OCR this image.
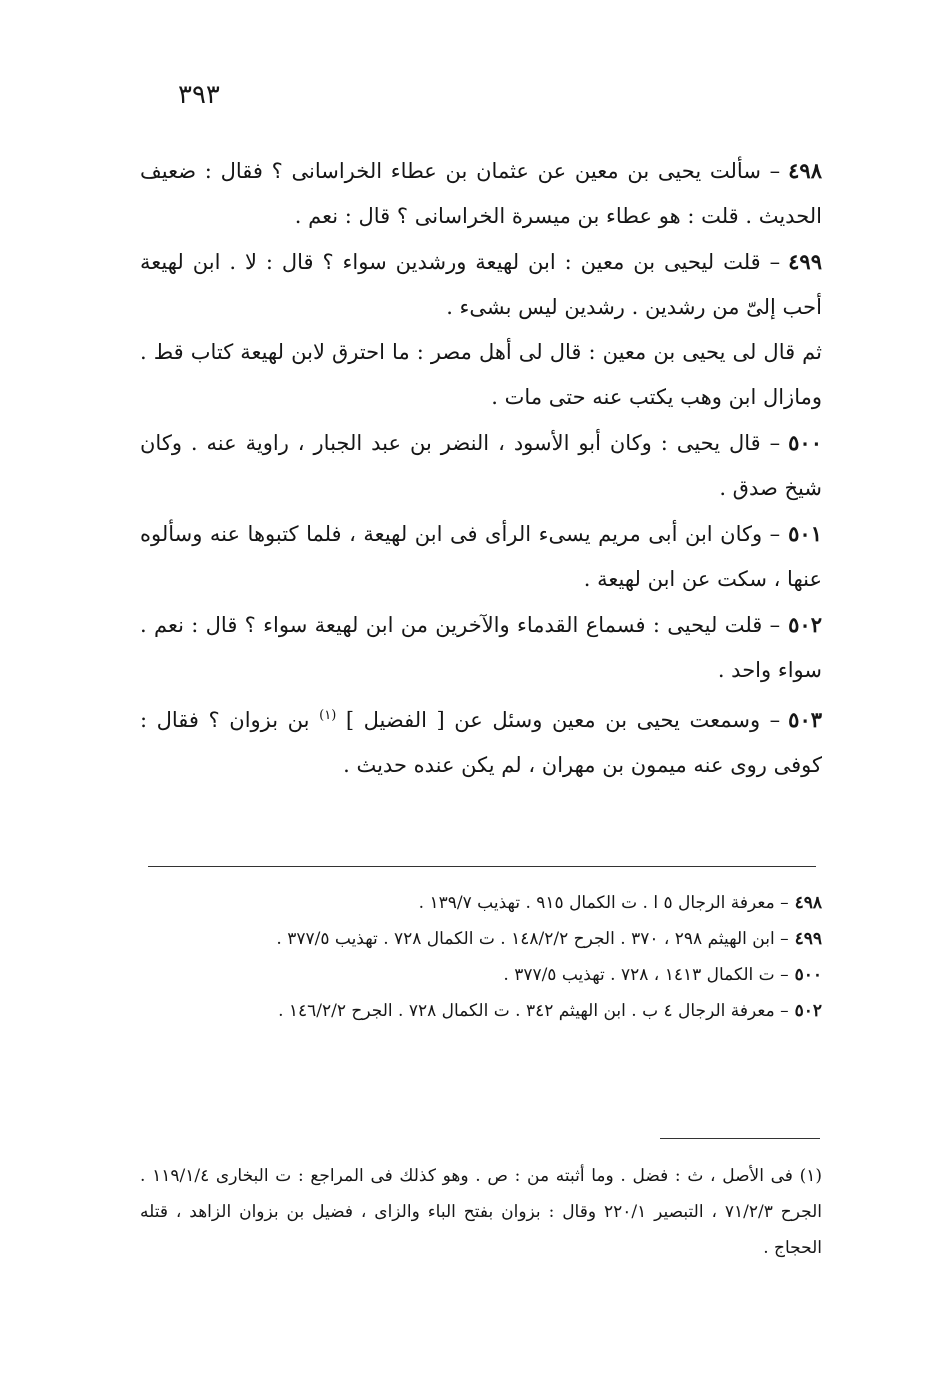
٣٩٣

٤٩٨– سألت يحيى بن معين عن عثمان بن عطاء الخراسانى ؟ فقال : ضعيف الحديث . قلت : هو عطاء بن ميسرة الخراسانى ؟ قال : نعم .

٤٩٩– قلت ليحيى بن معين : ابن لهيعة ورشدين سواء ؟ قال : لا . ابن لهيعة أحب إلىّ من رشدين . رشدين ليس بشىء .

ثم قال لى يحيى بن معين : قال لى أهل مصر : ما احترق لابن لهيعة كتاب قط . ومازال ابن وهب يكتب عنه حتى مات .

٥٠٠– قال يحيى : وكان أبو الأسود ، النضر بن عبد الجبار ، راوية عنه . وكان شيخ صدق .

٥٠١– وكان ابن أبى مريم يسىء الرأى فى ابن لهيعة ، فلما كتبوها عنه وسألوه عنها ، سكت عن ابن لهيعة .

٥٠٢– قلت ليحيى : فسماع القدماء والآخرين من ابن لهيعة سواء ؟ قال : نعم . سواء واحد .

٥٠٣– وسمعت يحيى بن معين وسئل عن [ الفضيل ] $^{(١)}$ بن بزوان ؟ فقال : كوفى روى عنه ميمون بن مهران ، لم يكن عنده حديث .

٤٩٨– معرفة الرجال ٥ ا . ت الكمال ٩١٥ . تهذيب ١٣٩/٧ .

٤٩٩– ابن الهيثم ٢٩٨ ، ٣٧٠ . الجرح ١٤٨/٢/٢ . ت الكمال ٧٢٨ . تهذيب ٣٧٧/٥ .

٥٠٠– ت الكمال ١٤١٣ ، ٧٢٨ . تهذيب ٣٧٧/٥ .

٥٠٢– معرفة الرجال ٤ ب . ابن الهيثم ٣٤٢ . ت الكمال ٧٢٨ . الجرح ١٤٦/٢/٢ .

(١) فى الأصل ، ث : فضل . وما أثبته من : ص . وهو كذلك فى المراجع : ت البخارى ١١٩/١/٤ . الجرح ٧١/٢/٣ ، التبصير ٢٢٠/١ وقال : بزوان بفتح الباء والزاى ، فضيل بن بزوان الزاهد ، قتله الحجاج .
